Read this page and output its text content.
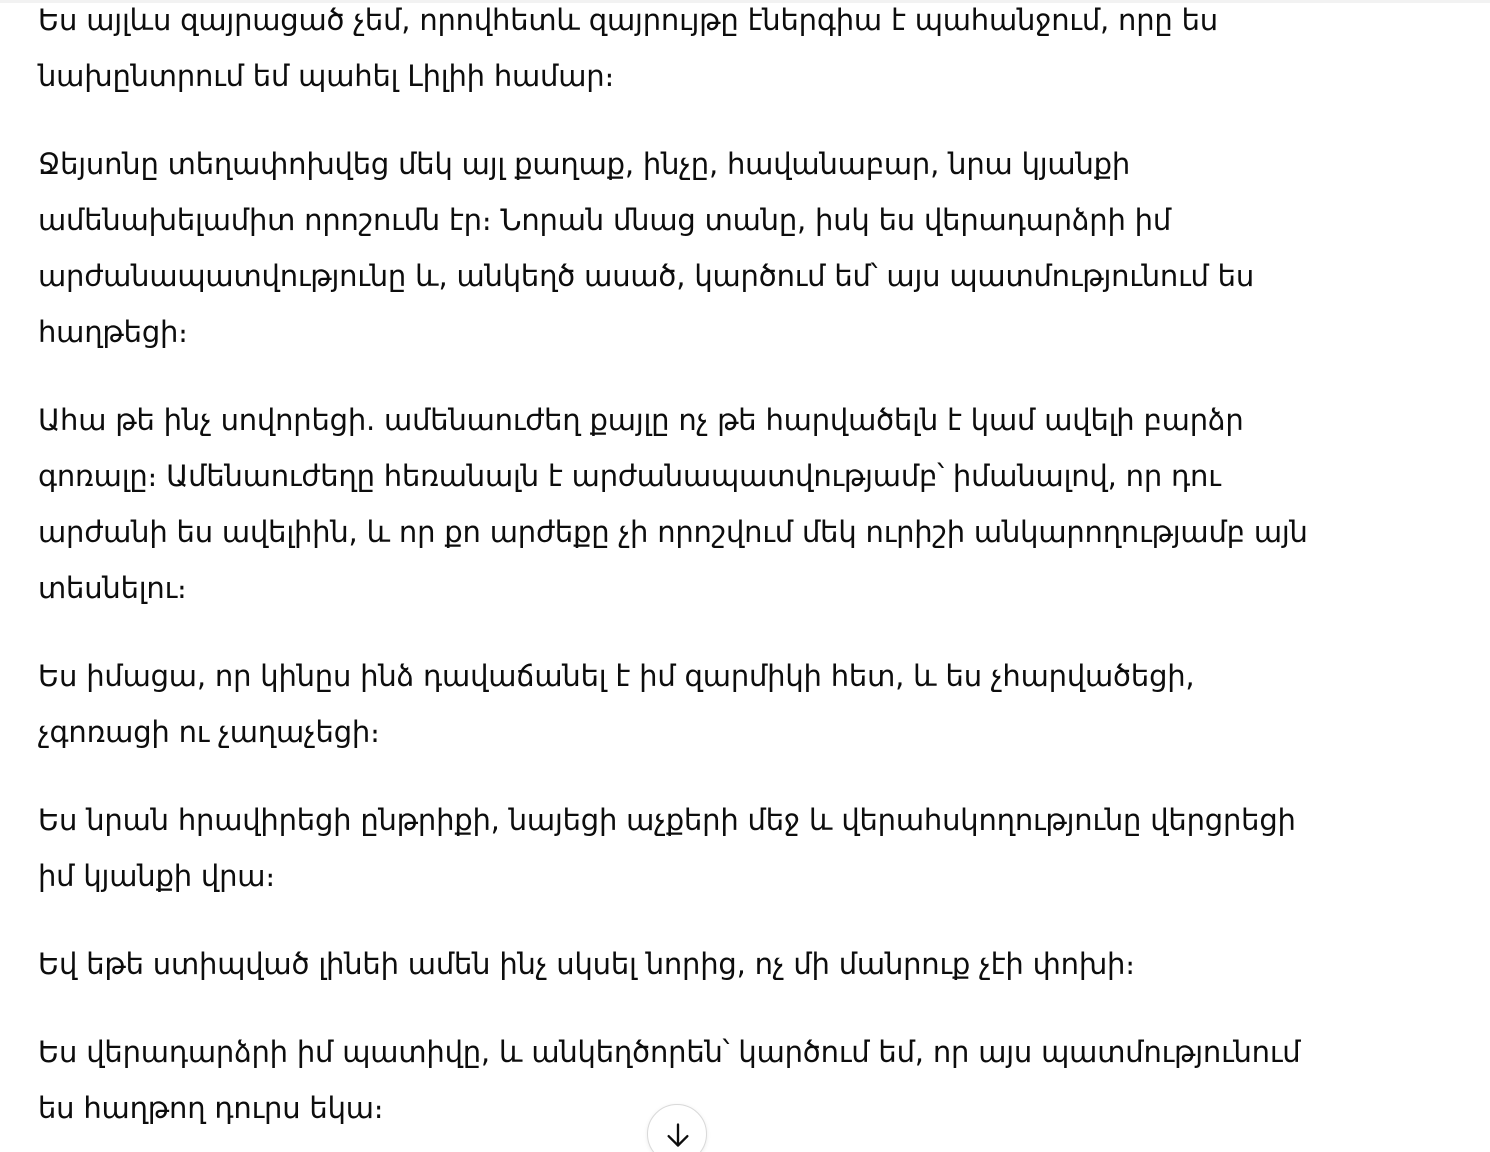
Ես այլևս զայրացած չեմ, որովհետև զայրույթը էներգիա է պահանջում, որը ես նախընտրում եմ պահել Լիլիի համար։

Ջեյսոնը տեղափոխվեց մեկ այլ քաղաք, ինչը, հավանաբար, նրա կյանքի ամենախելամիտ որոշումն էր։ Նորան մնաց տանը, իսկ ես վերադարձրի իմ արժանապատվությունը և, անկեղծ ասած, կարծում եմ՝ այս պատմությունում ես հաղթեցի։

Ահա թե ինչ սովորեցի. ամենաուժեղ քայլը ոչ թե հարվածելն է կամ ավելի բարձր գոռալը։ Ամենաուժեղը հեռանալն է արժանապատվությամբ՝ իմանալով, որ դու արժանի ես ավելիին, և որ քո արժեքը չի որոշվում մեկ ուրիշի անկարողությամբ այն տեսնելու։

Ես իմացա, որ կինըս ինձ դավաճանել է իմ զարմիկի հետ, և ես չհարվածեցի, չգոռացի ու չաղաչեցի։

Ես նրան հրավիրեցի ընթրիքի, նայեցի աչքերի մեջ և վերահսկողությունը վերցրեցի իմ կյանքի վրա։

Եվ եթե ստիպված լինեի ամեն ինչ սկսել նորից, ոչ մի մանրուք չէի փոխի։

Ես վերադարձրի իմ պատիվը, և անկեղծորեն՝ կարծում եմ, որ այս պատմությունում ես հաղթող դուրս եկա։
